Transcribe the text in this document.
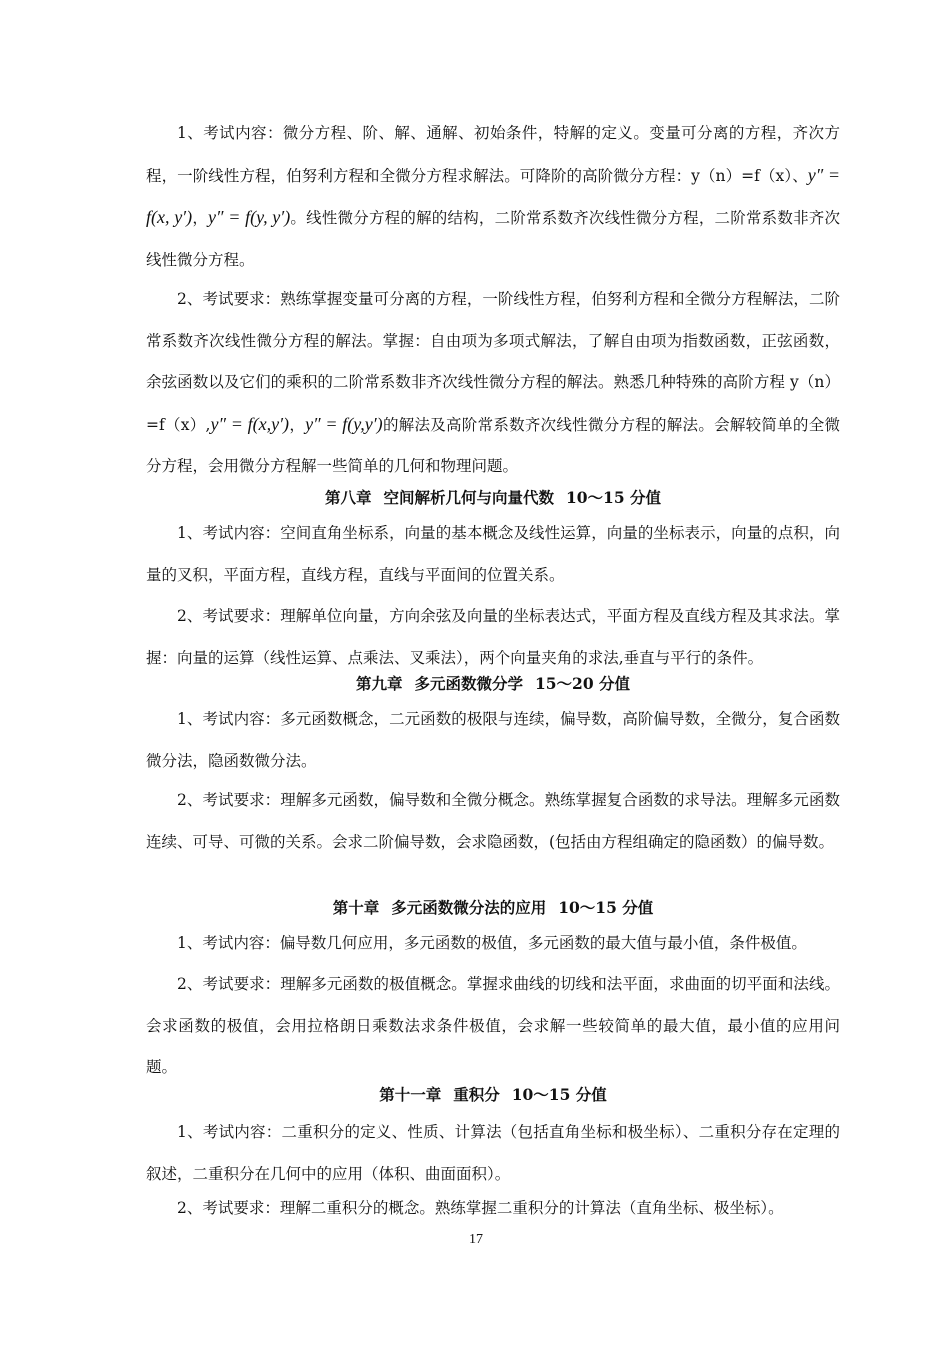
1、考试内容：微分方程、阶、解、通解、初始条件，特解的定义。变量可分离的方程，齐次方程，一阶线性方程，伯努利方程和全微分方程求解法。可降阶的高阶微分方程：y（n）=f（x）、y″ = f(x, y′)，y″ = f(y, y′)。线性微分方程的解的结构，二阶常系数齐次线性微分方程，二阶常系数非齐次线性微分方程。
2、考试要求：熟练掌握变量可分离的方程，一阶线性方程，伯努利方程和全微分方程解法，二阶常系数齐次线性微分方程的解法。掌握：自由项为多项式解法，了解自由项为指数函数，正弦函数，余弦函数以及它们的乘积的二阶常系数非齐次线性微分方程的解法。熟悉几种特殊的高阶方程 y（n）=f（x）,y″ = f(x,y′)，y″ = f(y,y′)的解法及高阶常系数齐次线性微分方程的解法。会解较简单的全微分方程，会用微分方程解一些简单的几何和物理问题。
第八章 空间解析几何与向量代数 10～15 分值
1、考试内容：空间直角坐标系，向量的基本概念及线性运算，向量的坐标表示，向量的点积，向量的叉积，平面方程，直线方程，直线与平面间的位置关系。
2、考试要求：理解单位向量，方向余弦及向量的坐标表达式，平面方程及直线方程及其求法。掌握：向量的运算（线性运算、点乘法、叉乘法），两个向量夹角的求法,垂直与平行的条件。
第九章 多元函数微分学 15～20 分值
1、考试内容：多元函数概念，二元函数的极限与连续，偏导数，高阶偏导数，全微分，复合函数微分法，隐函数微分法。
2、考试要求：理解多元函数，偏导数和全微分概念。熟练掌握复合函数的求导法。理解多元函数连续、可导、可微的关系。会求二阶偏导数，会求隐函数，(包括由方程组确定的隐函数）的偏导数。
第十章 多元函数微分法的应用 10～15 分值
1、考试内容：偏导数几何应用，多元函数的极值，多元函数的最大值与最小值，条件极值。
2、考试要求：理解多元函数的极值概念。掌握求曲线的切线和法平面，求曲面的切平面和法线。会求函数的极值，会用拉格朗日乘数法求条件极值，会求解一些较简单的最大值，最小值的应用问题。
第十一章 重积分 10～15 分值
1、考试内容：二重积分的定义、性质、计算法（包括直角坐标和极坐标）、二重积分存在定理的叙述，二重积分在几何中的应用（体积、曲面面积）。
2、考试要求：理解二重积分的概念。熟练掌握二重积分的计算法（直角坐标、极坐标）。
17
